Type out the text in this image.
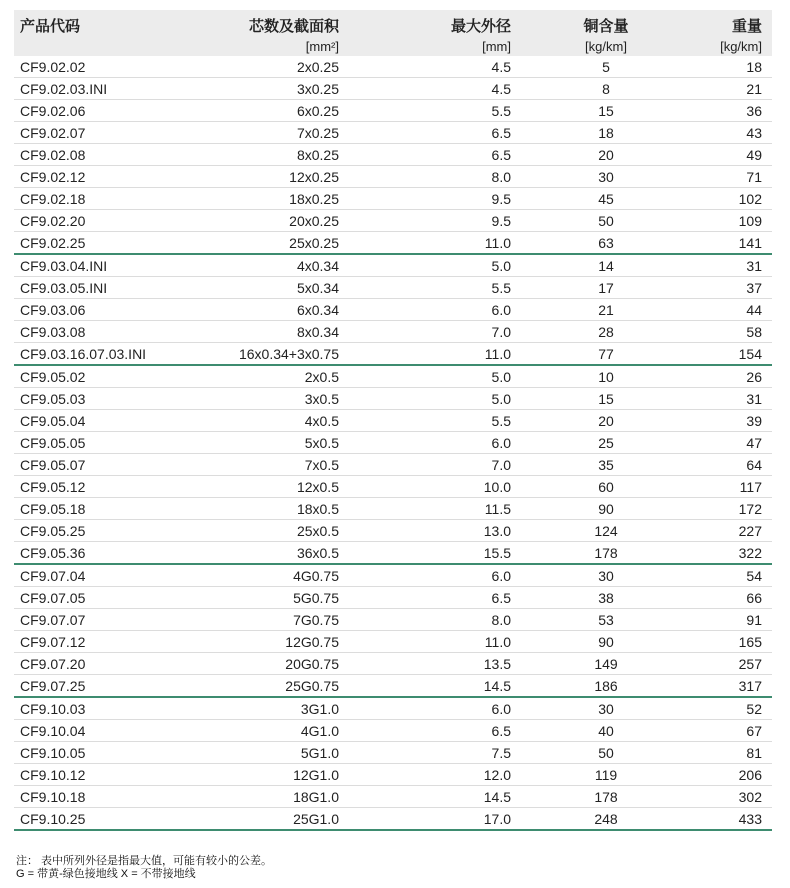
产品代码	芯数及截面积	最大外径	铜含量	重量
	[mm²]	[mm]	[kg/km]	[kg/km]
CF9.02.02	2x0.25	4.5	5	18
CF9.02.03.INI	3x0.25	4.5	8	21
CF9.02.06	6x0.25	5.5	15	36
CF9.02.07	7x0.25	6.5	18	43
CF9.02.08	8x0.25	6.5	20	49
CF9.02.12	12x0.25	8.0	30	71
CF9.02.18	18x0.25	9.5	45	102
CF9.02.20	20x0.25	9.5	50	109
CF9.02.25	25x0.25	11.0	63	141
CF9.03.04.INI	4x0.34	5.0	14	31
CF9.03.05.INI	5x0.34	5.5	17	37
CF9.03.06	6x0.34	6.0	21	44
CF9.03.08	8x0.34	7.0	28	58
CF9.03.16.07.03.INI	16x0.34+3x0.75	11.0	77	154
CF9.05.02	2x0.5	5.0	10	26
CF9.05.03	3x0.5	5.0	15	31
CF9.05.04	4x0.5	5.5	20	39
CF9.05.05	5x0.5	6.0	25	47
CF9.05.07	7x0.5	7.0	35	64
CF9.05.12	12x0.5	10.0	60	117
CF9.05.18	18x0.5	11.5	90	172
CF9.05.25	25x0.5	13.0	124	227
CF9.05.36	36x0.5	15.5	178	322
CF9.07.04	4G0.75	6.0	30	54
CF9.07.05	5G0.75	6.5	38	66
CF9.07.07	7G0.75	8.0	53	91
CF9.07.12	12G0.75	11.0	90	165
CF9.07.20	20G0.75	13.5	149	257
CF9.07.25	25G0.75	14.5	186	317
CF9.10.03	3G1.0	6.0	30	52
CF9.10.04	4G1.0	6.5	40	67
CF9.10.05	5G1.0	7.5	50	81
CF9.10.12	12G1.0	12.0	119	206
CF9.10.18	18G1.0	14.5	178	302
CF9.10.25	25G1.0	17.0	248	433
注： 表中所列外径是指最大值，可能有较小的公差。
G = 带黄-绿色接地线 X = 不带接地线
